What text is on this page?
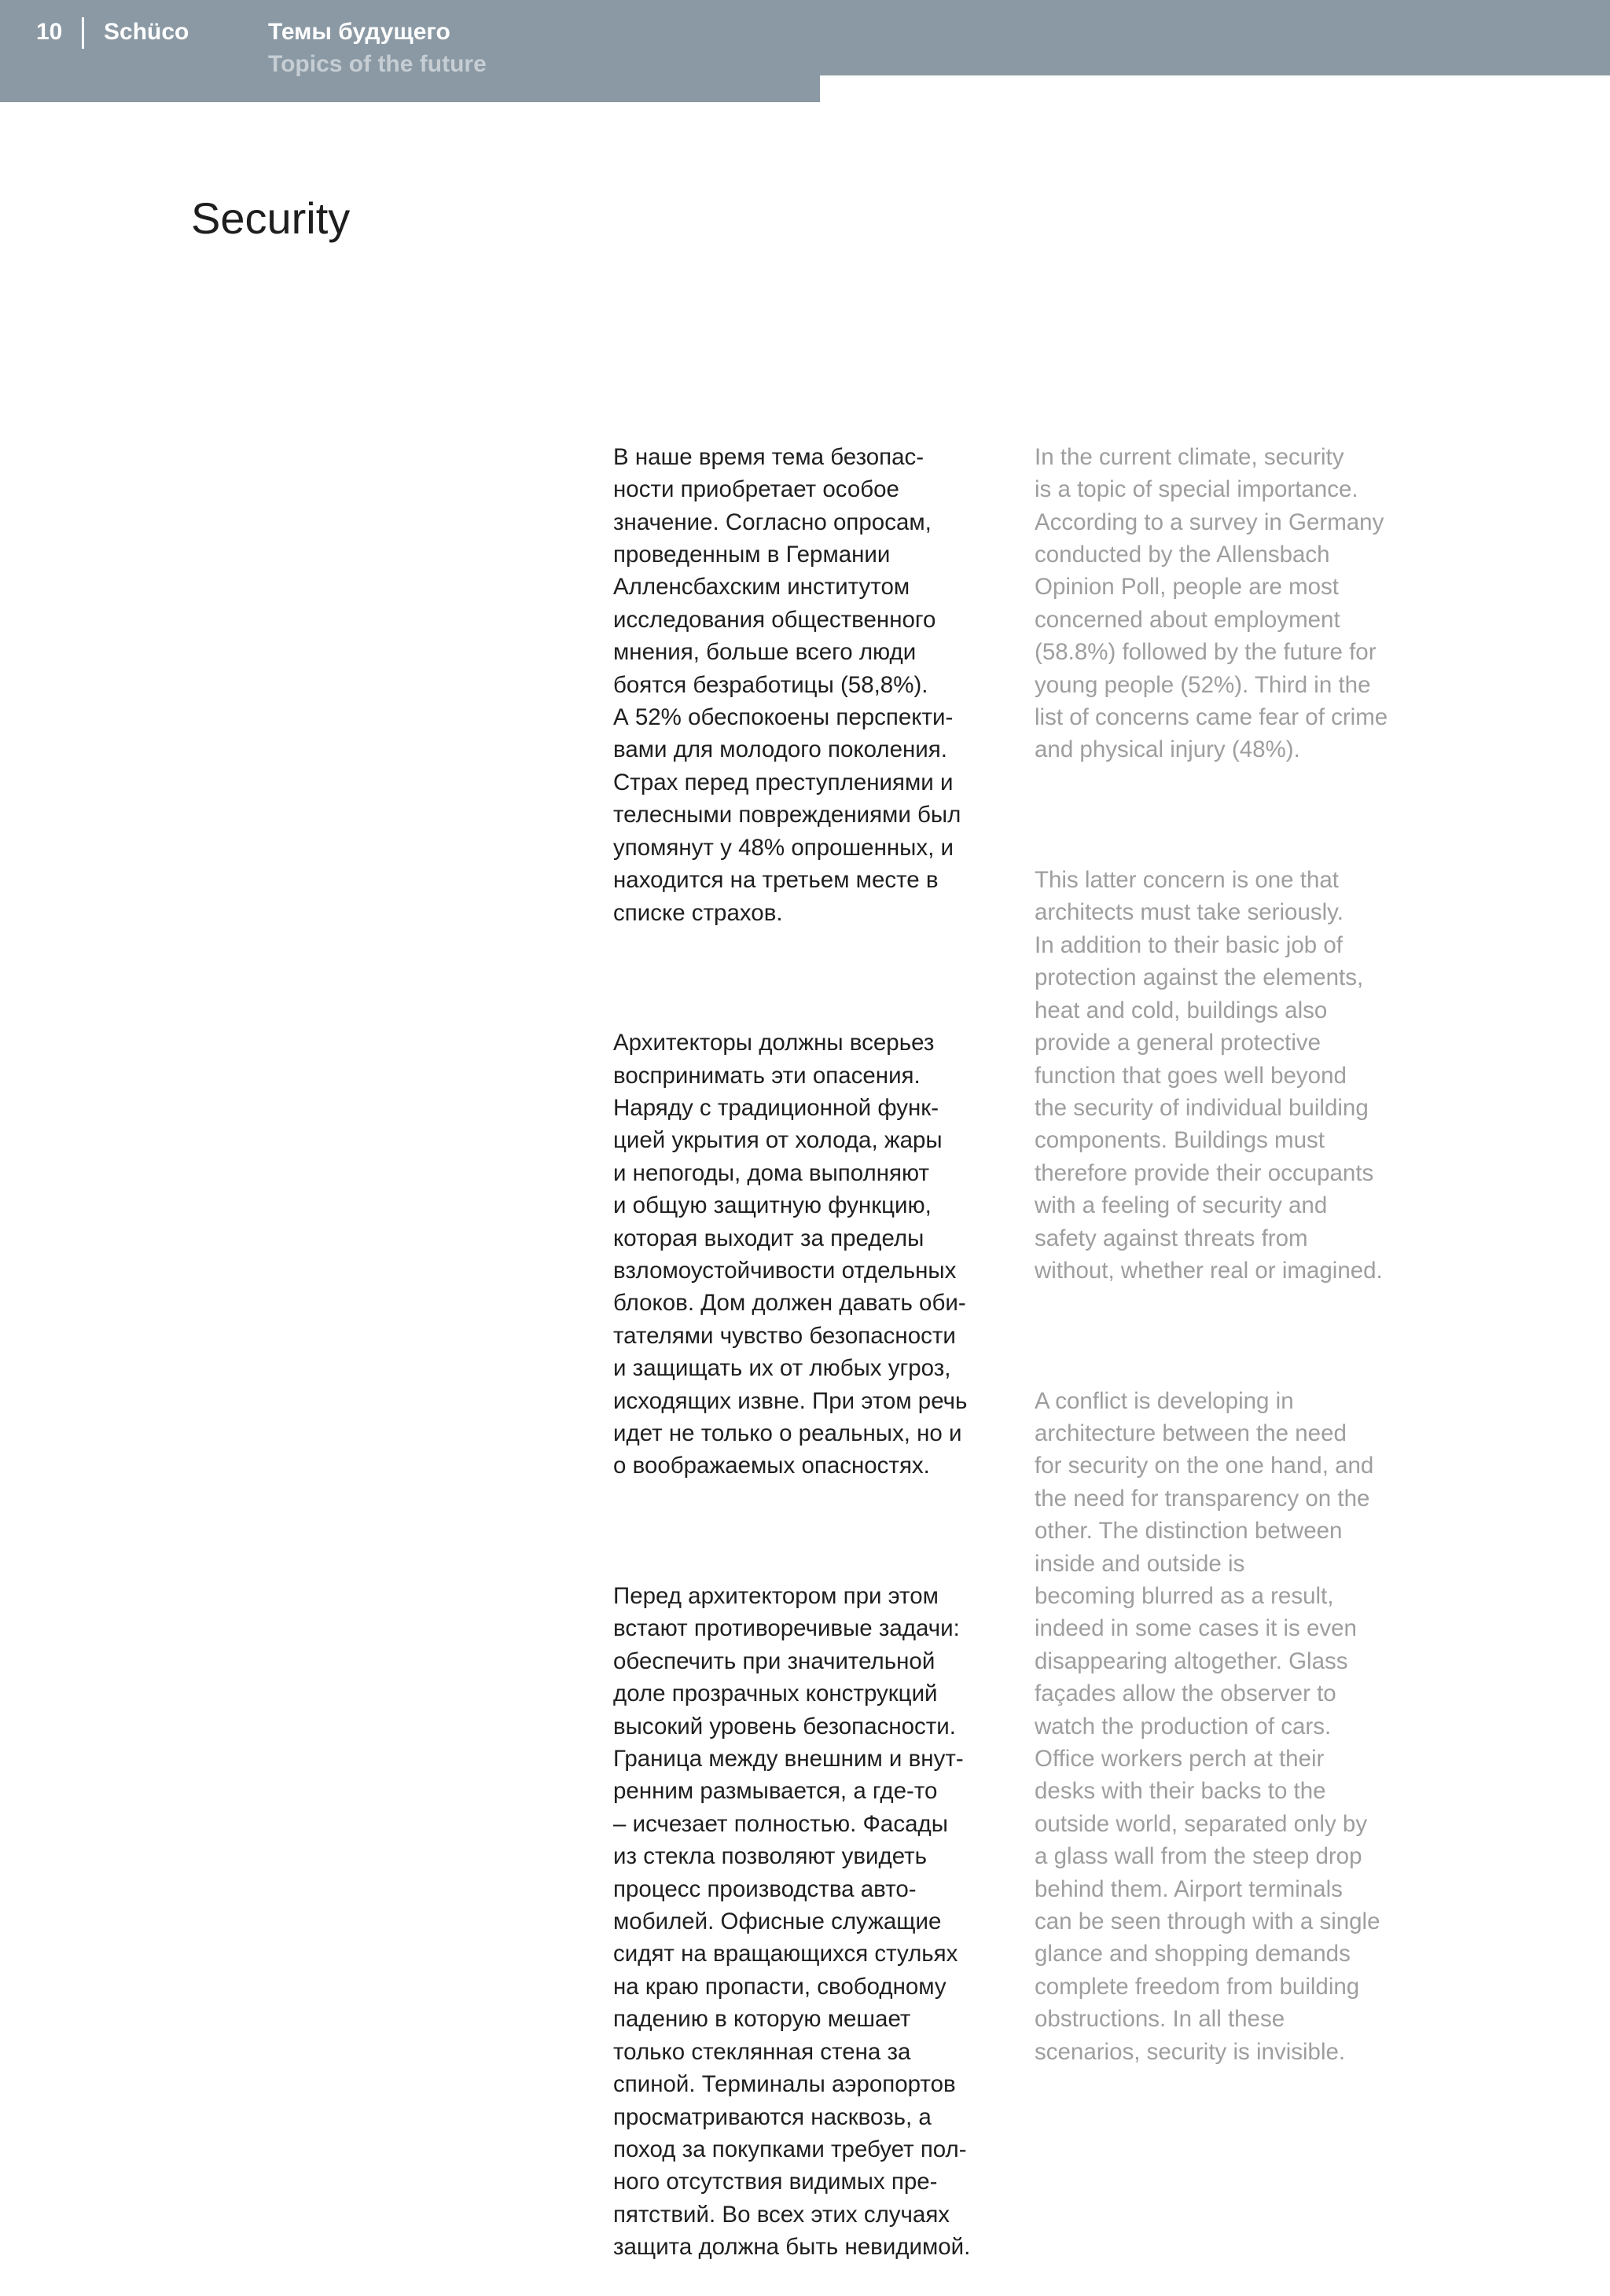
10 Schüco	Темы будущего
Topics of the future
Security

В наше время тема безопас-
ности приобретает особое
значение. Согласно опросам,
проведенным в Германии
Алленсбахским институтом
исследования общественного
мнения, больше всего люди
боятся безработицы (58,8%).
А 52% обеспокоены перспекти-
вами для молодого поколения.
Страх перед преступлениями и
телесными повреждениями был
упомянут у 48% опрошенных, и
находится на третьем месте в
списке страхов.

Архитекторы должны всерьез
воспринимать эти опасения.
Наряду с традиционной функ-
цией укрытия от холода, жары
и непогоды, дома выполняют
и общую защитную функцию,
которая выходит за пределы
взломоустойчивости отдельных
блоков. Дом должен давать оби-
тателями чувство безопасности
и защищать их от любых угроз,
исходящих извне. При этом речь
идет не только о реальных, но и
о воображаемых опасностях.

Перед архитектором при этом
встают противоречивые задачи:
обеспечить при значительной
доле прозрачных конструкций
высокий уровень безопасности.
Граница между внешним и внут-
ренним размывается, а где-то
– исчезает полностью. Фасады
из стекла позволяют увидеть
процесс производства авто-
мобилей. Офисные служащие
сидят на вращающихся стульях
на краю пропасти, свободному
падению в которую мешает
только стеклянная стена за
спиной. Терминалы аэропортов
просматриваются насквозь, а
поход за покупками требует пол-
ного отсутствия видимых пре-
пятствий. Во всех этих случаях
защита должна быть невидимой.

In the current climate, security
is a topic of special importance.
According to a survey in Germany
conducted by the Allensbach
Opinion Poll, people are most
concerned about employment
(58.8%) followed by the future for
young people (52%). Third in the
list of concerns came fear of crime
and physical injury (48%).

This latter concern is one that
architects must take seriously.
In addition to their basic job of
protection against the elements,
heat and cold, buildings also
provide a general protective
function that goes well beyond
the security of individual building
components. Buildings must
therefore provide their occupants
with a feeling of security and
safety against threats from
without, whether real or imagined.

A conflict is developing in
architecture between the need
for security on the one hand, and
the need for transparency on the
other. The distinction between
inside and outside is
becoming blurred as a result,
indeed in some cases it is even
disappearing altogether. Glass
façades allow the observer to
watch the production of cars.
Office workers perch at their
desks with their backs to the
outside world, separated only by
a glass wall from the steep drop
behind them. Airport terminals
can be seen through with a single
glance and shopping demands
complete freedom from building
obstructions. In all these
scenarios, security is invisible.
